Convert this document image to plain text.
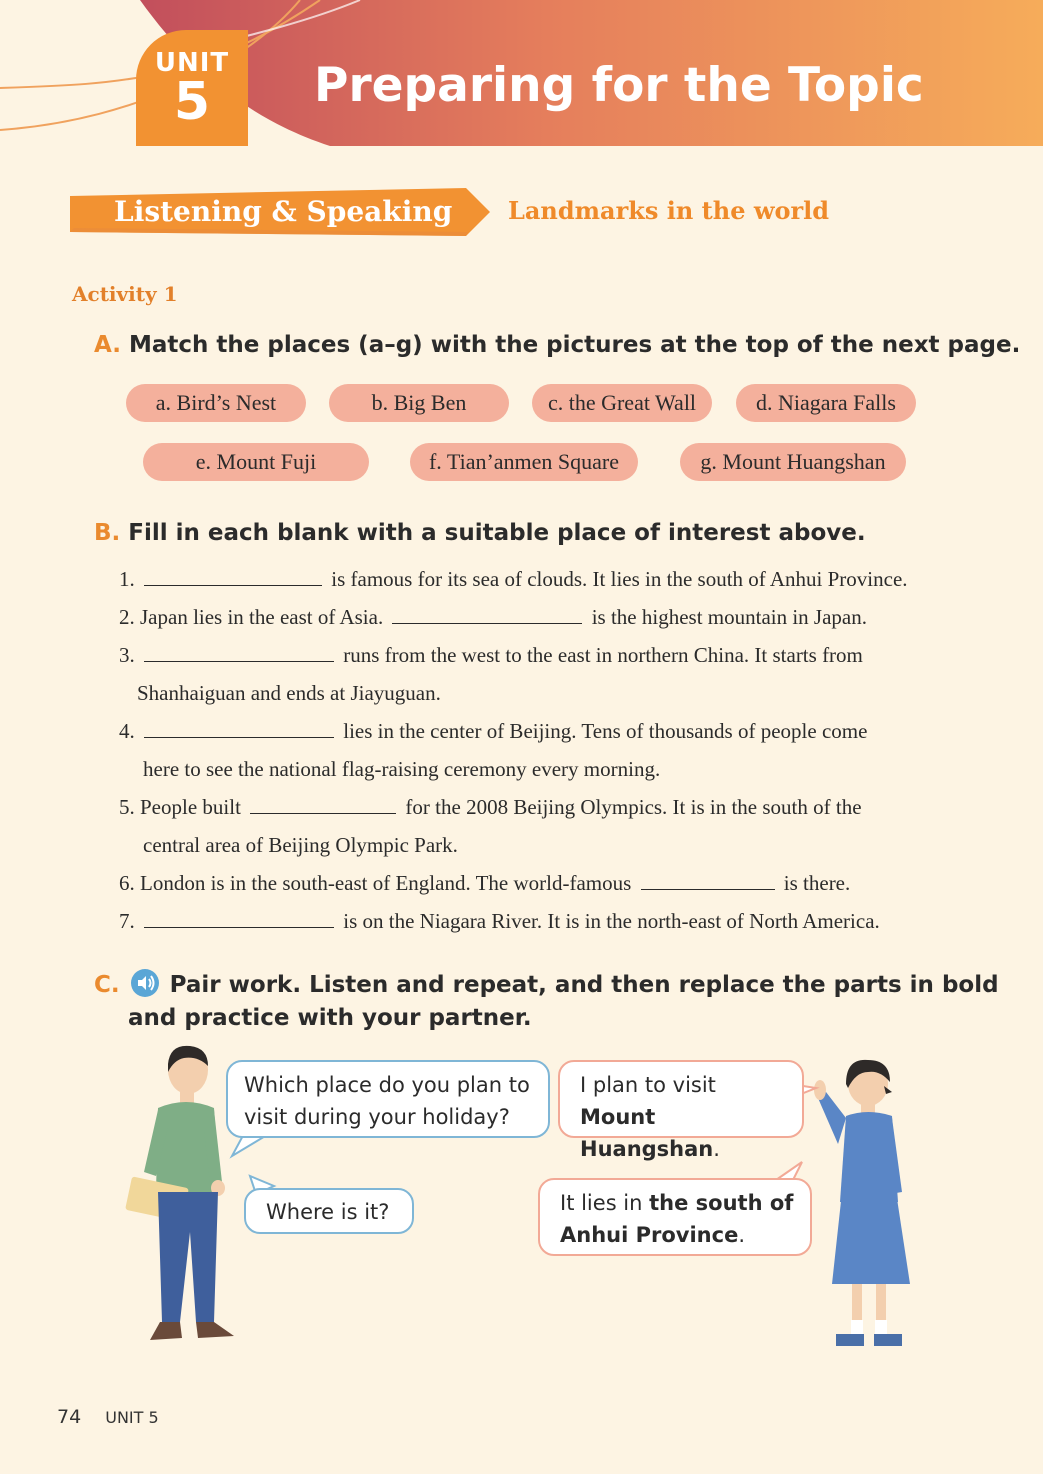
UNIT
5	Preparing for the Topic
Listening & Speaking Landmarks in the world
Activity 1
A. Match the places (a–g) with the pictures at the top of the next page.
a. Bird’s Nest	b. Big Ben	c. the Great Wall	d. Niagara Falls
e. Mount Fuji	f. Tian’anmen Square	g. Mount Huangshan
B. Fill in each blank with a suitable place of interest above.
1.	is famous for its sea of clouds. It lies in the south of Anhui Province.
2. Japan lies in the east of Asia.	is the highest mountain in Japan.
3.	runs from the west to the east in northern China. It starts from
Shanhaiguan and ends at Jiayuguan.
4.	lies in the center of Beijing. Tens of thousands of people come
here to see the national flag-raising ceremony every morning.
5. People built	for the 2008 Beijing Olympics. It is in the south of the
central area of Beijing Olympic Park.
6. London is in the south-east of England. The world-famous	is there.
7.	is on the Niagara River. It is in the north-east of North America.
C. Pair work. Listen and repeat, and then replace the parts in bold
and practice with your partner.
Which place do you plan to
visit during your holiday?
I plan to visit
Mount Huangshan.
Where is it?	It lies in the south of
Anhui Province.
74 UNIT 5
